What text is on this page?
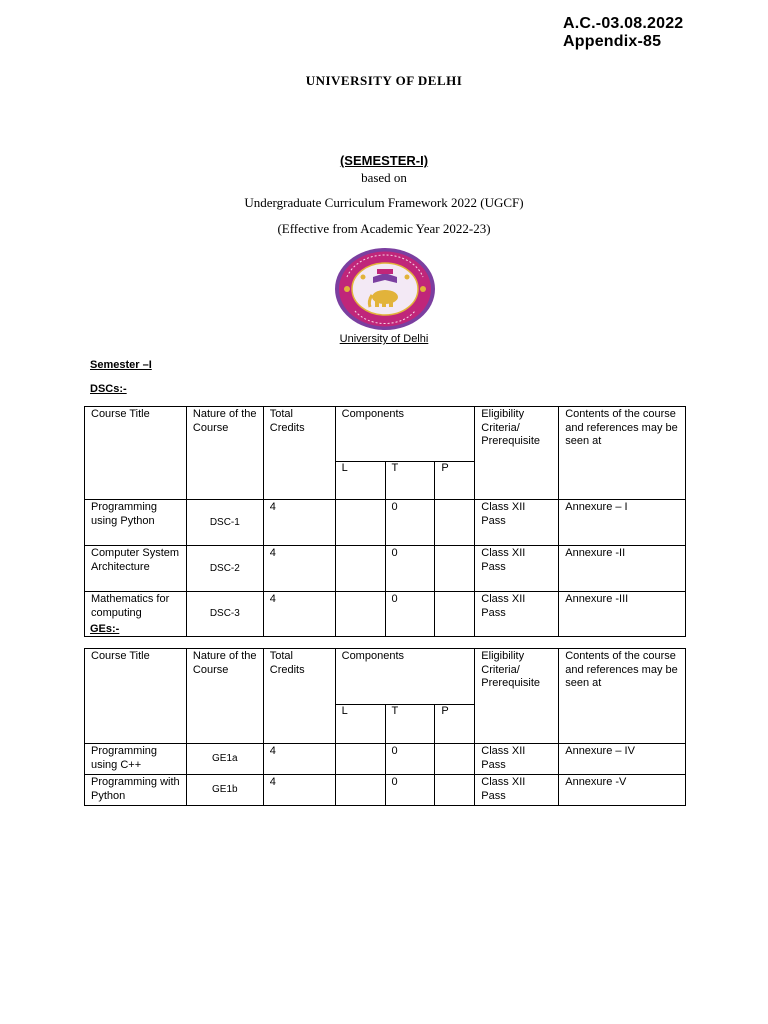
A.C.-03.08.2022
Appendix-85
UNIVERSITY OF DELHI
(SEMESTER-I)
based on
Undergraduate Curriculum Framework 2022 (UGCF)
(Effective from Academic Year 2022-23)
University of Delhi
Semester –I
DSCs:-
Course Title	Nature of the Course	Total Credits	Components			Eligibility Criteria/ Prerequisite	Contents of the course and references may be seen at
			L	T	P		
Programming using Python	DSC-1	4		0		Class XII Pass	Annexure – I
Computer System Architecture	DSC-2	4		0		Class XII Pass	Annexure -II
Mathematics for computing	DSC-3	4		0		Class XII Pass	Annexure -III
GEs:-
Course Title	Nature of the Course	Total Credits	Components			Eligibility Criteria/ Prerequisite	Contents of the course and references may be seen at
			L	T	P		
Programming using C++	GE1a	4		0		Class XII Pass	Annexure – IV
Programming with Python	GE1b	4		0		Class XII Pass	Annexure -V
